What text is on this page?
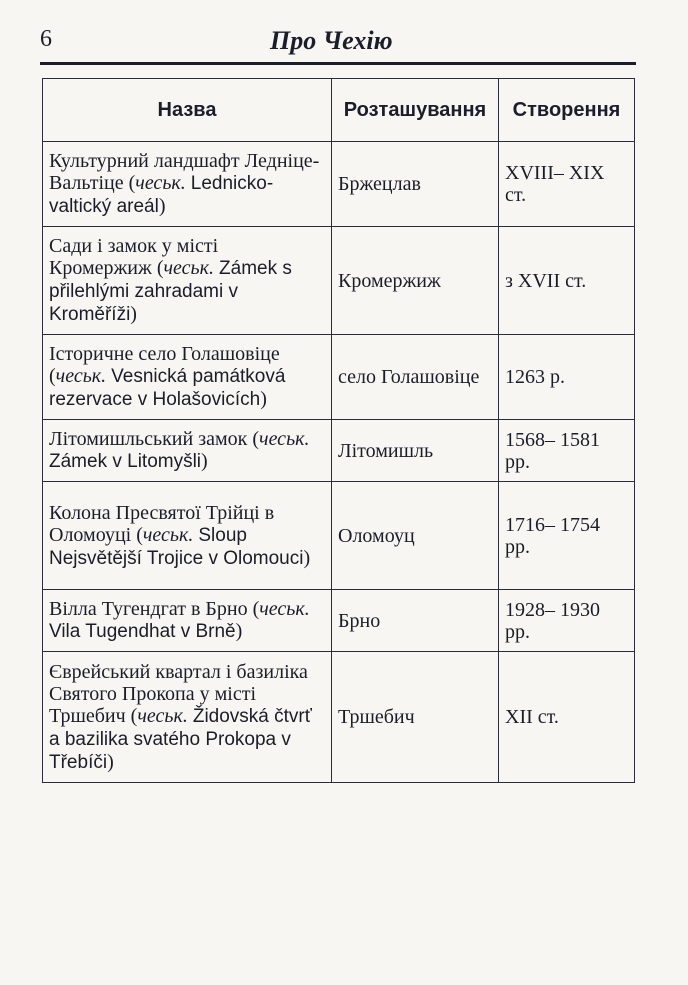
6	Про Чехію
Назва	Розташування	Створення
Культурний ландшафт Ледніце-Вальтіце (чеськ. Lednicko-valtický areál)	Бржецлав	XVIII– XIX ст.
Сади і замок у місті Кромержиж (чеськ. Zámek s přilehlými zahradami v Kroměříži)	Кромержиж	з XVII ст.
Історичне село Голашовіце (чеськ. Vesnická památková rezervace v Holašovicích)	село Голашовіце	1263 р.
Літомишльський замок (чеськ. Zámek v Litomyšli)	Літомишль	1568– 1581 рр.
Колона Пресвятої Трійці в Оломоуці (чеськ. Sloup Nejsvětější Trojice v Olomouci)	Оломоуц	1716– 1754 рр.
Вілла Тугендгат в Брно (чеськ. Vila Tugendhat v Brně)	Брно	1928– 1930 рр.
Єврейський квартал і базиліка Святого Прокопа у місті Тршебич (чеськ. Židovská čtvrť a bazilika svatého Prokopa v Třebíči)	Тршебич	XII ст.
